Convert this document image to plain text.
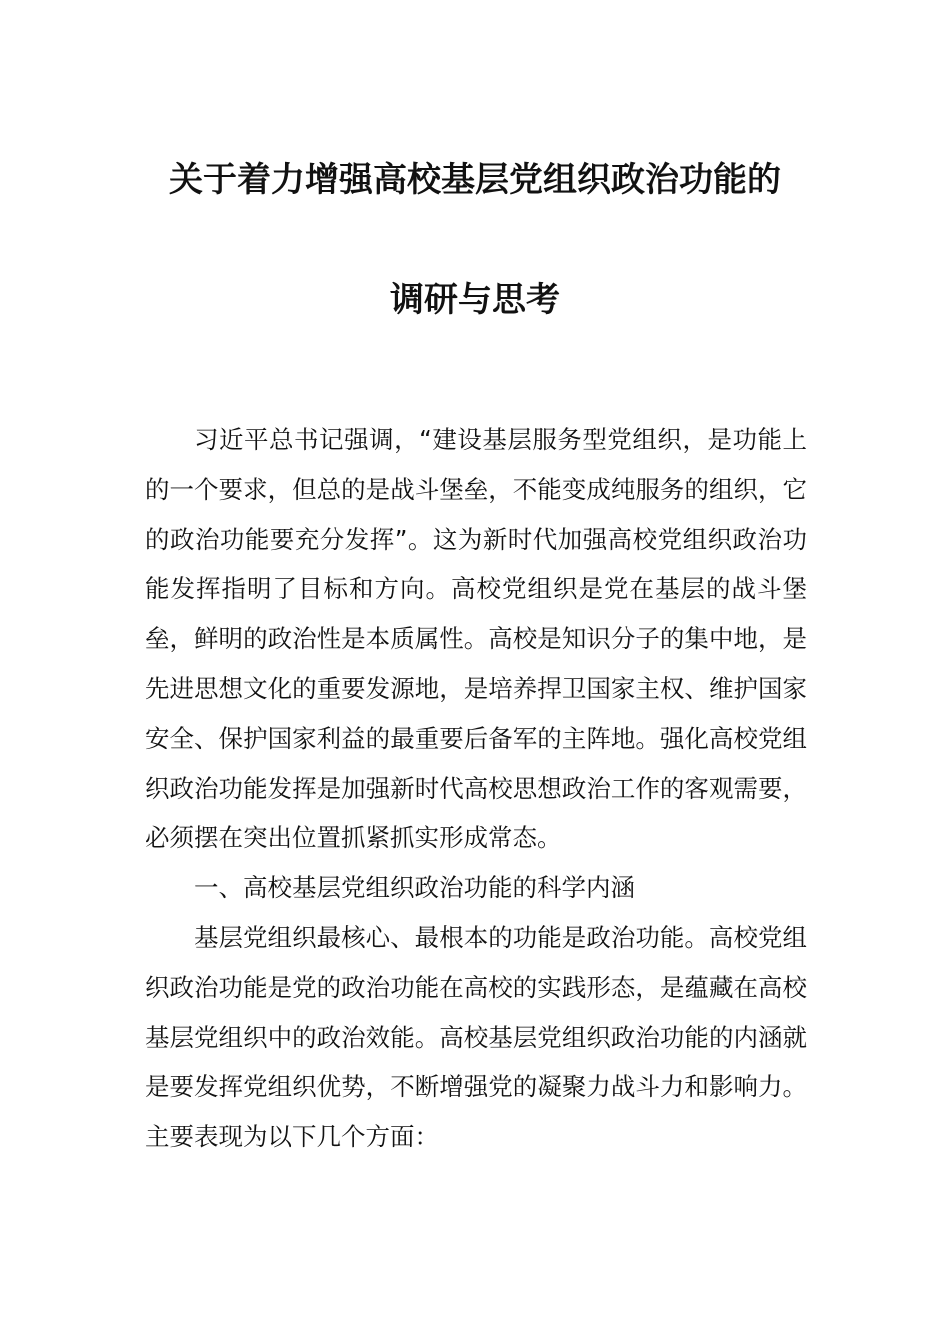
关于着力增强高校基层党组织政治功能的
调研与思考

习近平总书记强调，“建设基层服务型党组织，是功能上的一个要求，但总的是战斗堡垒，不能变成纯服务的组织，它的政治功能要充分发挥”。这为新时代加强高校党组织政治功能发挥指明了目标和方向。高校党组织是党在基层的战斗堡垒，鲜明的政治性是本质属性。高校是知识分子的集中地，是先进思想文化的重要发源地，是培养捍卫国家主权、维护国家安全、保护国家利益的最重要后备军的主阵地。强化高校党组织政治功能发挥是加强新时代高校思想政治工作的客观需要，必须摆在突出位置抓紧抓实形成常态。

一、高校基层党组织政治功能的科学内涵

基层党组织最核心、最根本的功能是政治功能。高校党组织政治功能是党的政治功能在高校的实践形态，是蕴藏在高校基层党组织中的政治效能。高校基层党组织政治功能的内涵就是要发挥党组织优势，不断增强党的凝聚力战斗力和影响力。主要表现为以下几个方面：
